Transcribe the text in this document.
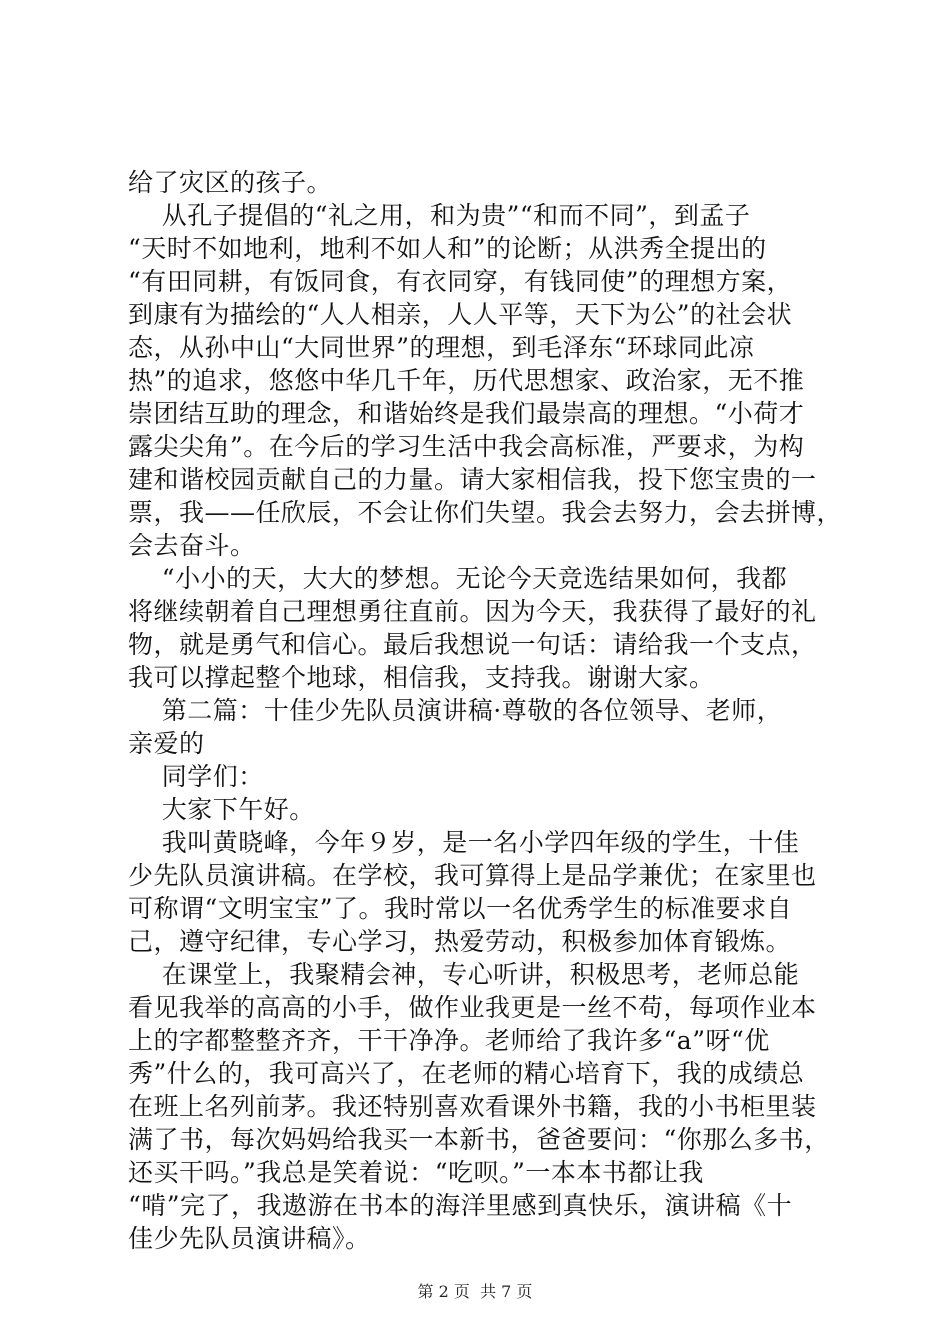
给了灾区的孩子。
从孔子提倡的“礼之用，和为贵”“和而不同”，到孟子
“天时不如地利，地利不如人和”的论断；从洪秀全提出的
“有田同耕，有饭同食，有衣同穿，有钱同使”的理想方案，
到康有为描绘的“人人相亲，人人平等，天下为公”的社会状
态，从孙中山“大同世界”的理想，到毛泽东“环球同此凉
热”的追求，悠悠中华几千年，历代思想家、政治家，无不推
崇团结互助的理念，和谐始终是我们最崇高的理想。“小荷才
露尖尖角”。在今后的学习生活中我会高标准，严要求，为构
建和谐校园贡献自己的力量。请大家相信我，投下您宝贵的一
票，我——任欣辰，不会让你们失望。我会去努力，会去拼博，
会去奋斗。
“小小的天，大大的梦想。无论今天竞选结果如何，我都
将继续朝着自己理想勇往直前。因为今天，我获得了最好的礼
物，就是勇气和信心。最后我想说一句话：请给我一个支点，
我可以撑起整个地球，相信我，支持我。谢谢大家。
第二篇：十佳少先队员演讲稿·尊敬的各位领导、老师，
亲爱的
同学们：
大家下午好。
我叫黄晓峰，今年９岁，是一名小学四年级的学生，十佳
少先队员演讲稿。在学校，我可算得上是品学兼优；在家里也
可称谓“文明宝宝”了。我时常以一名优秀学生的标准要求自
己，遵守纪律，专心学习，热爱劳动，积极参加体育锻炼。
在课堂上，我聚精会神，专心听讲，积极思考，老师总能
看见我举的高高的小手，做作业我更是一丝不苟，每项作业本
上的字都整整齐齐，干干净净。老师给了我许多“a”呀“优
秀”什么的，我可高兴了，在老师的精心培育下，我的成绩总
在班上名列前茅。我还特别喜欢看课外书籍，我的小书柜里装
满了书，每次妈妈给我买一本新书，爸爸要问：“你那么多书，
还买干吗。”我总是笑着说：“吃呗。”一本本书都让我
“啃”完了，我遨游在书本的海洋里感到真快乐，演讲稿《十
佳少先队员演讲稿》。
第 2 页  共 7 页
